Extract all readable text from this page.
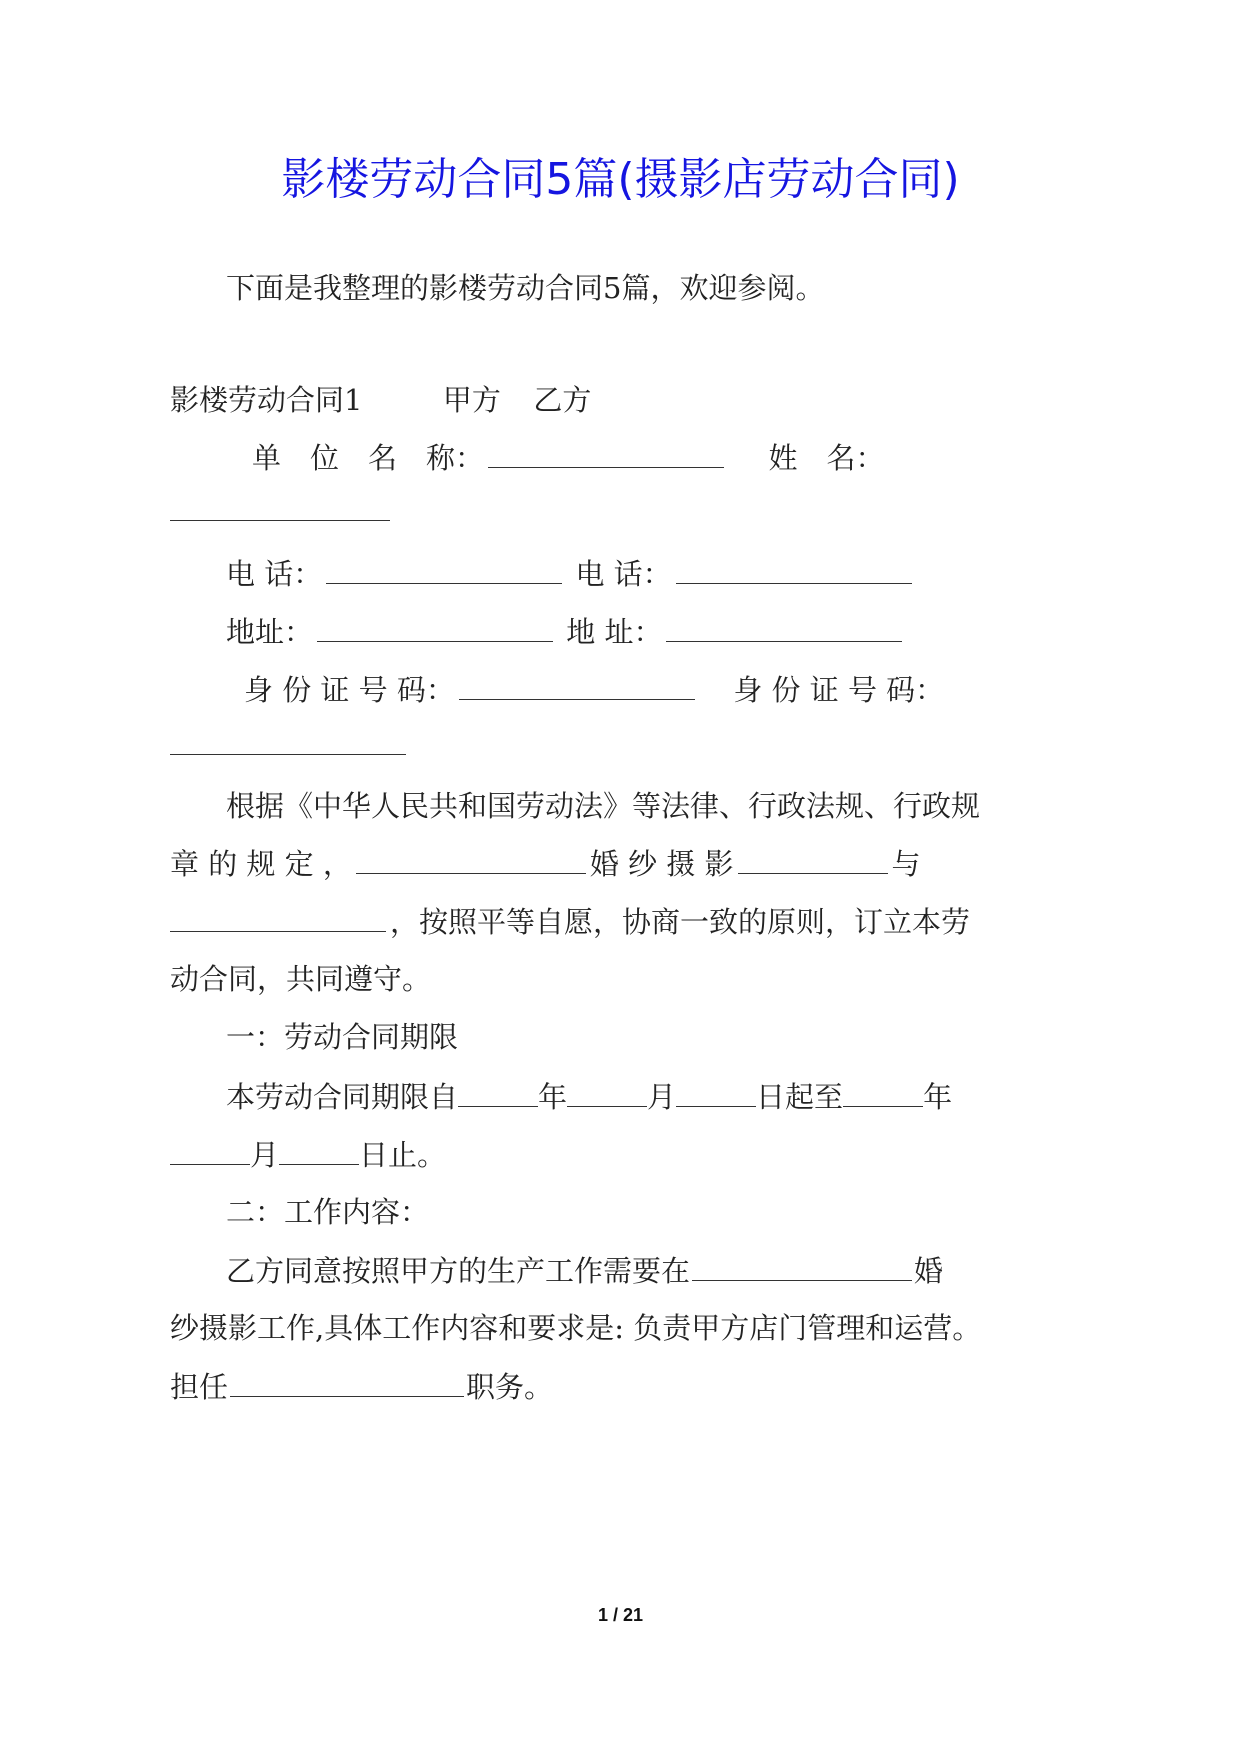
影楼劳动合同5篇(摄影店劳动合同)
下面是我整理的影楼劳动合同5篇，欢迎参阅。
影楼劳动合同1	甲方 乙方
单　位　名　称：	姓　名：
电 话：	电 话：
地址：	地 址：
身 份 证 号 码：	身 份 证 号 码：
根据《中华人民共和国劳动法》等法律、行政法规、行政规
章 的 规 定 ，	婚 纱 摄 影	与
，按照平等自愿，协商一致的原则，订立本劳
动合同，共同遵守。
一：劳动合同期限
本劳动合同期限自	年	月	日起至	年
月	日止。
二：工作内容：
乙方同意按照甲方的生产工作需要在	婚
纱摄影工作,具体工作内容和要求是: 负责甲方店门管理和运营。
担任	职务。
1 / 21
